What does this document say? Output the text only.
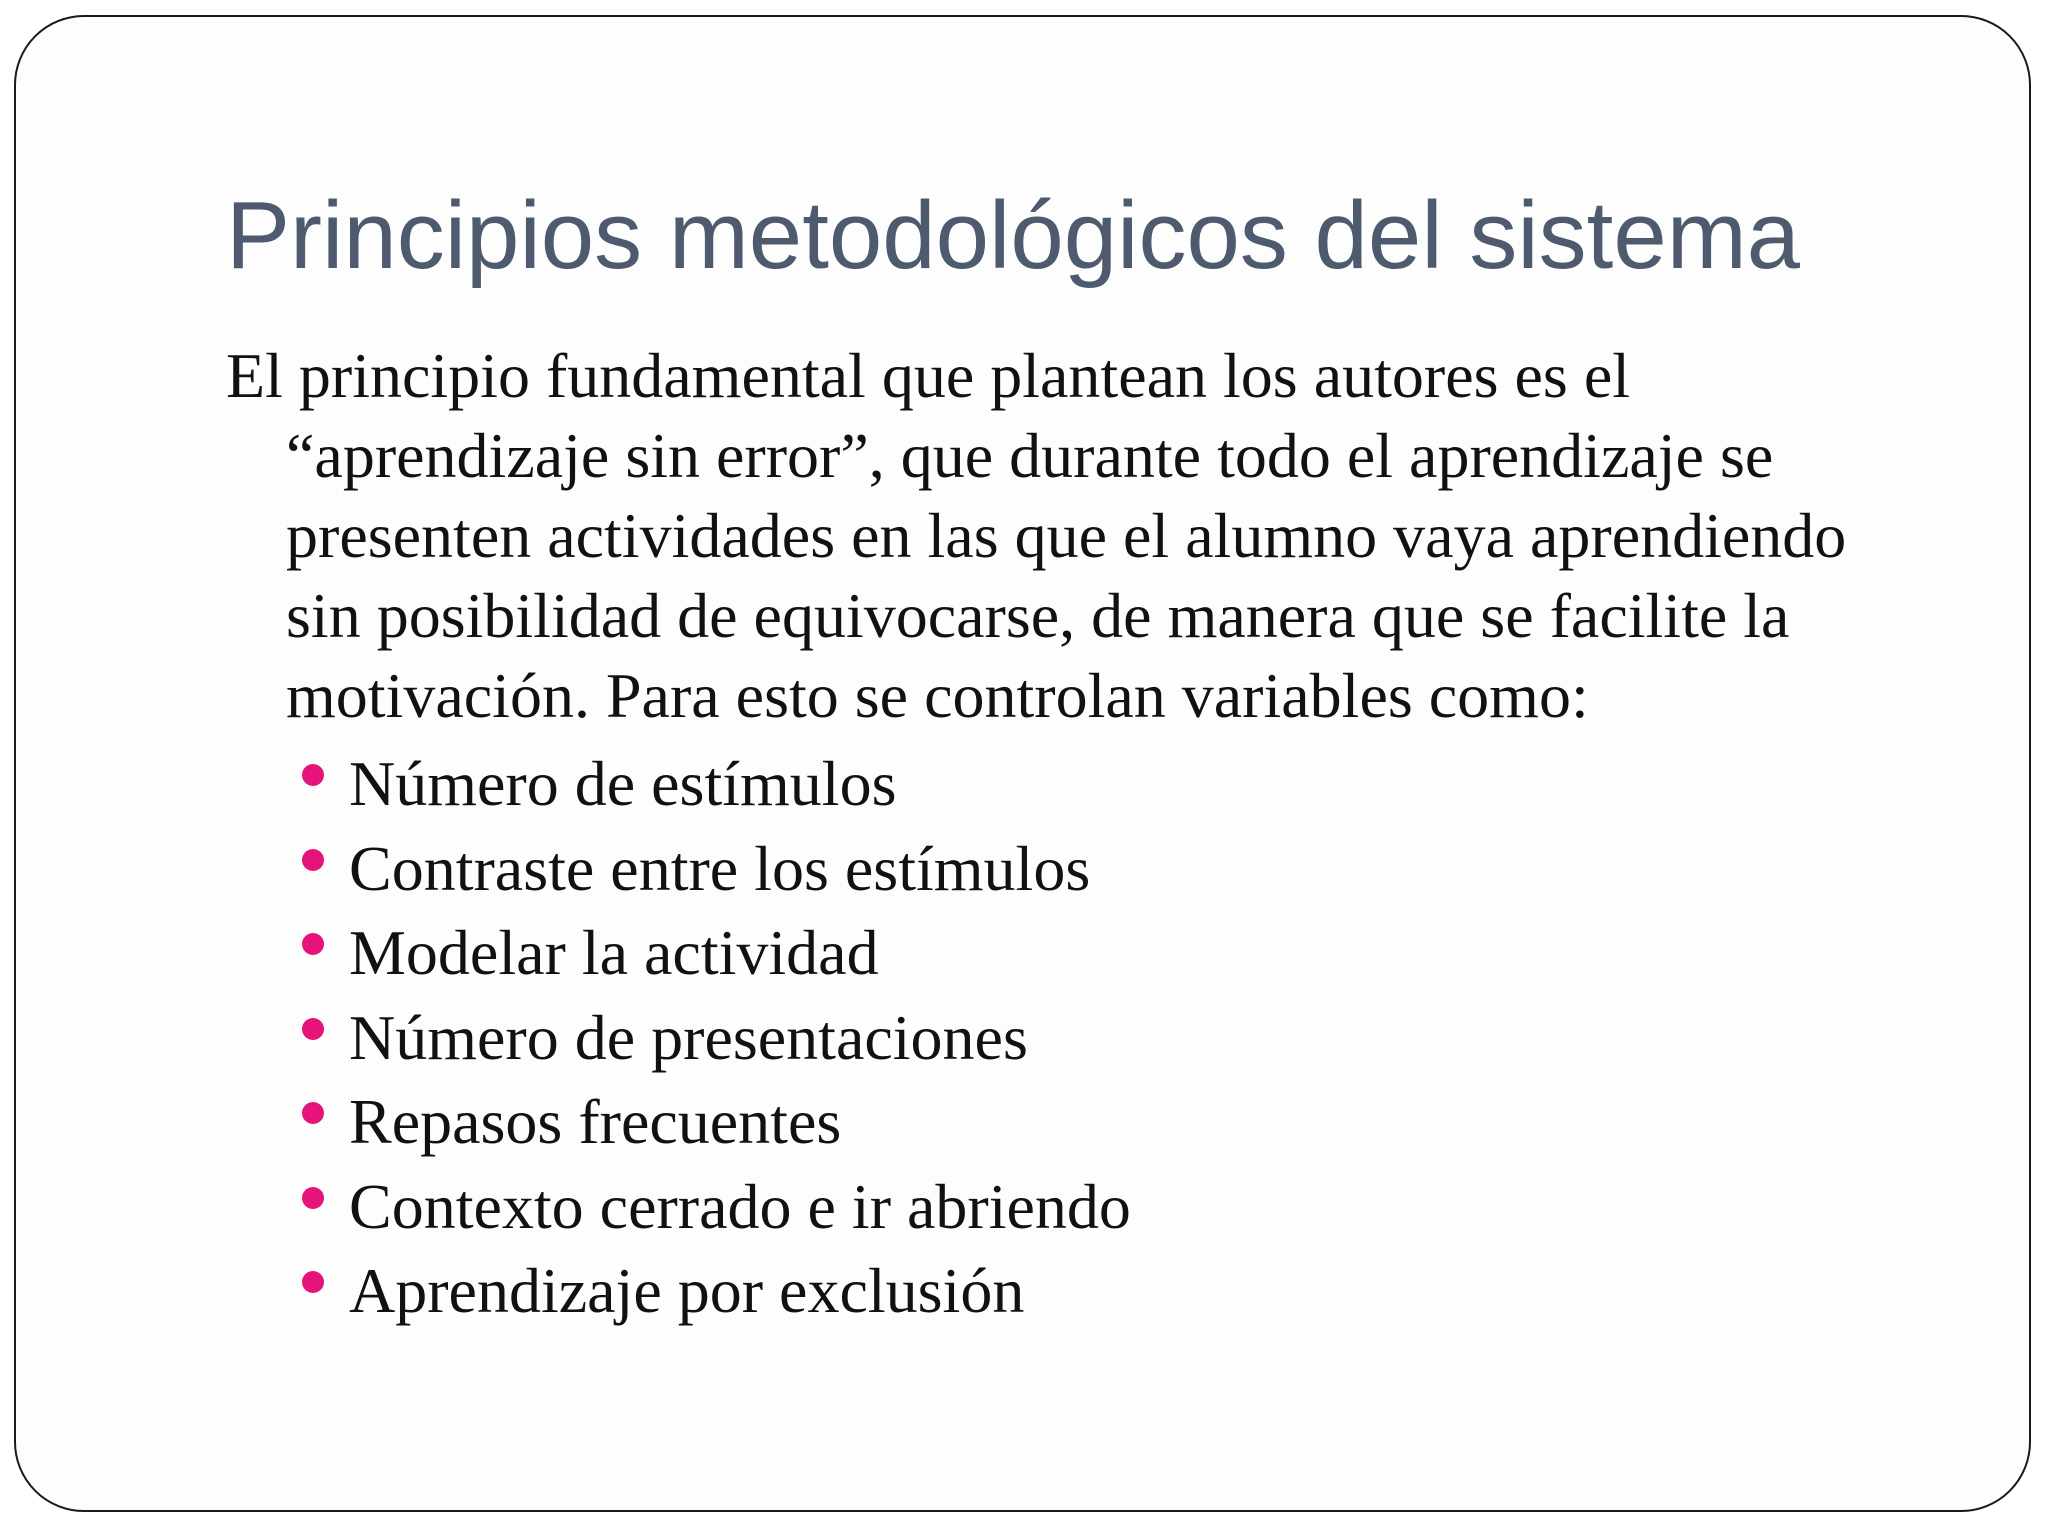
Principios metodológicos del sistema

El principio fundamental que plantean los autores es el “aprendizaje sin error”, que durante todo el aprendizaje se presenten actividades en las que el alumno vaya aprendiendo sin posibilidad de equivocarse, de manera que se facilite la motivación. Para esto se controlan variables como:

Número de estímulos
Contraste entre los estímulos
Modelar la actividad
Número de presentaciones
Repasos frecuentes
Contexto cerrado e ir abriendo
Aprendizaje por exclusión
